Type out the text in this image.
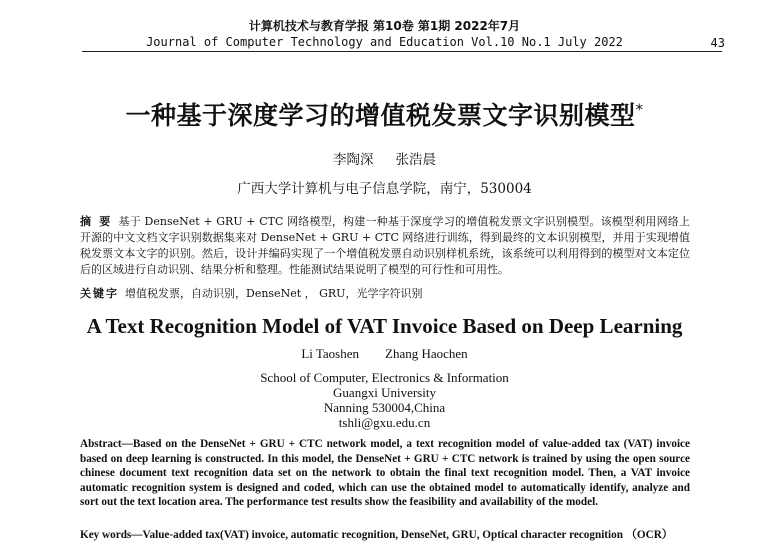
计算机技术与教育学报 第10卷 第1期 2022年7月
Journal of Computer Technology and Education Vol.10 No.1 July 2022	43
一种基于深度学习的增值税发票文字识别模型*
李陶深 张浩晨
广西大学计算机与电子信息学院，南宁，530004

摘 要 基于 DenseNet + GRU + CTC 网络模型，构建一种基于深度学习的增值税发票文字识别模型。该模型利用网络上开源的中文文档文字识别数据集来对 DenseNet + GRU + CTC 网络进行训练，得到最终的文本识别模型，并用于实现增值税发票文本文字的识别。然后，设计并编码实现了一个增值税发票自动识别样机系统，该系统可以利用得到的模型对文本定位后的区域进行自动识别、结果分析和整理。性能测试结果说明了模型的可行性和可用性。

关键字 增值税发票，自动识别，DenseNet ， GRU，光学字符识别
A Text Recognition Model of VAT Invoice Based on Deep Learning
Li Taoshen Zhang Haochen
School of Computer, Electronics & Information
Guangxi University
Nanning 530004,China
tshli@gxu.edu.cn

Abstract—Based on the DenseNet + GRU + CTC network model, a text recognition model of value-added tax (VAT) invoice based on deep learning is constructed. In this model, the DenseNet + GRU + CTC network is trained by using the open source chinese document text recognition data set on the network to obtain the final text recognition model. Then, a VAT invoice automatic recognition system is designed and coded, which can use the obtained model to automatically identify, analyze and sort out the text location area. The performance test results show the feasibility and availability of the model.

Key words—Value-added tax(VAT) invoice, automatic recognition, DenseNet, GRU, Optical character recognition （OCR）
